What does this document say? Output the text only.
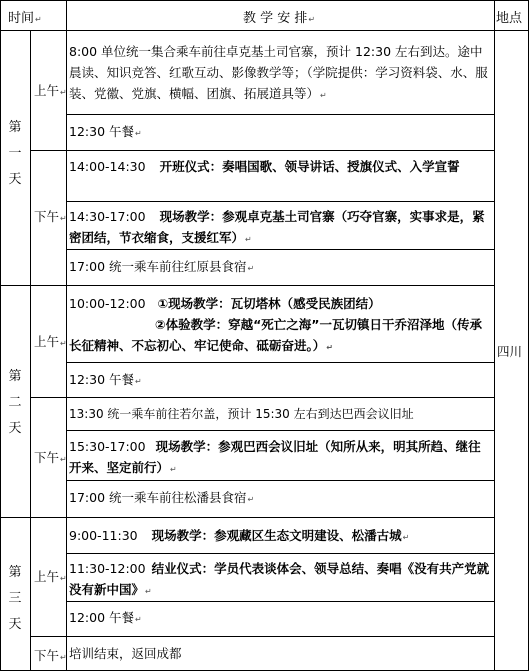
时间↵	教 学 安 排↵	地点
第
一
天
上午↵
下午↵
8:00 单位统一集合乘车前往卓克基土司官寨，预计 12:30 左右到达。途中晨读、知识竞答、红歌互动、影像教学等；（学院提供：学习资料袋、水、服装、党徽、党旗、横幅、团旗、拓展道具等）↵
12:30 午餐↵
14:00-14:30 开班仪式：奏唱国歌、领导讲话、授旗仪式、入学宣誓
14:30-17:00 现场教学：参观卓克基土司官寨（巧夺官寨，实事求是，紧密团结，节衣缩食，支援红军）↵
17:00 统一乘车前往红原县食宿↵
第
二
天
上午↵
下午↵
四川
10:00-12:00 ①现场教学：瓦切塔林（感受民族团结）
②体验教学：穿越“死亡之海”一瓦切镇日干乔沼泽地（传承长征精神、不忘初心、牢记使命、砥砺奋进。）↵
12:30 午餐↵
13:30 统一乘车前往若尔盖，预计 15:30 左右到达巴西会议旧址
15:30-17:00 现场教学：参观巴西会议旧址（知所从来，明其所趋、继往开来、坚定前行）↵
17:00 统一乘车前往松潘县食宿↵
第
三
天
上午↵
下午↵
9:00-11:30 现场教学：参观藏区生态文明建设、松潘古城↵
11:30-12:00 结业仪式：学员代表谈体会、领导总结、奏唱《没有共产党就没有新中国》↵
12:00 午餐↵
培训结束，返回成都
